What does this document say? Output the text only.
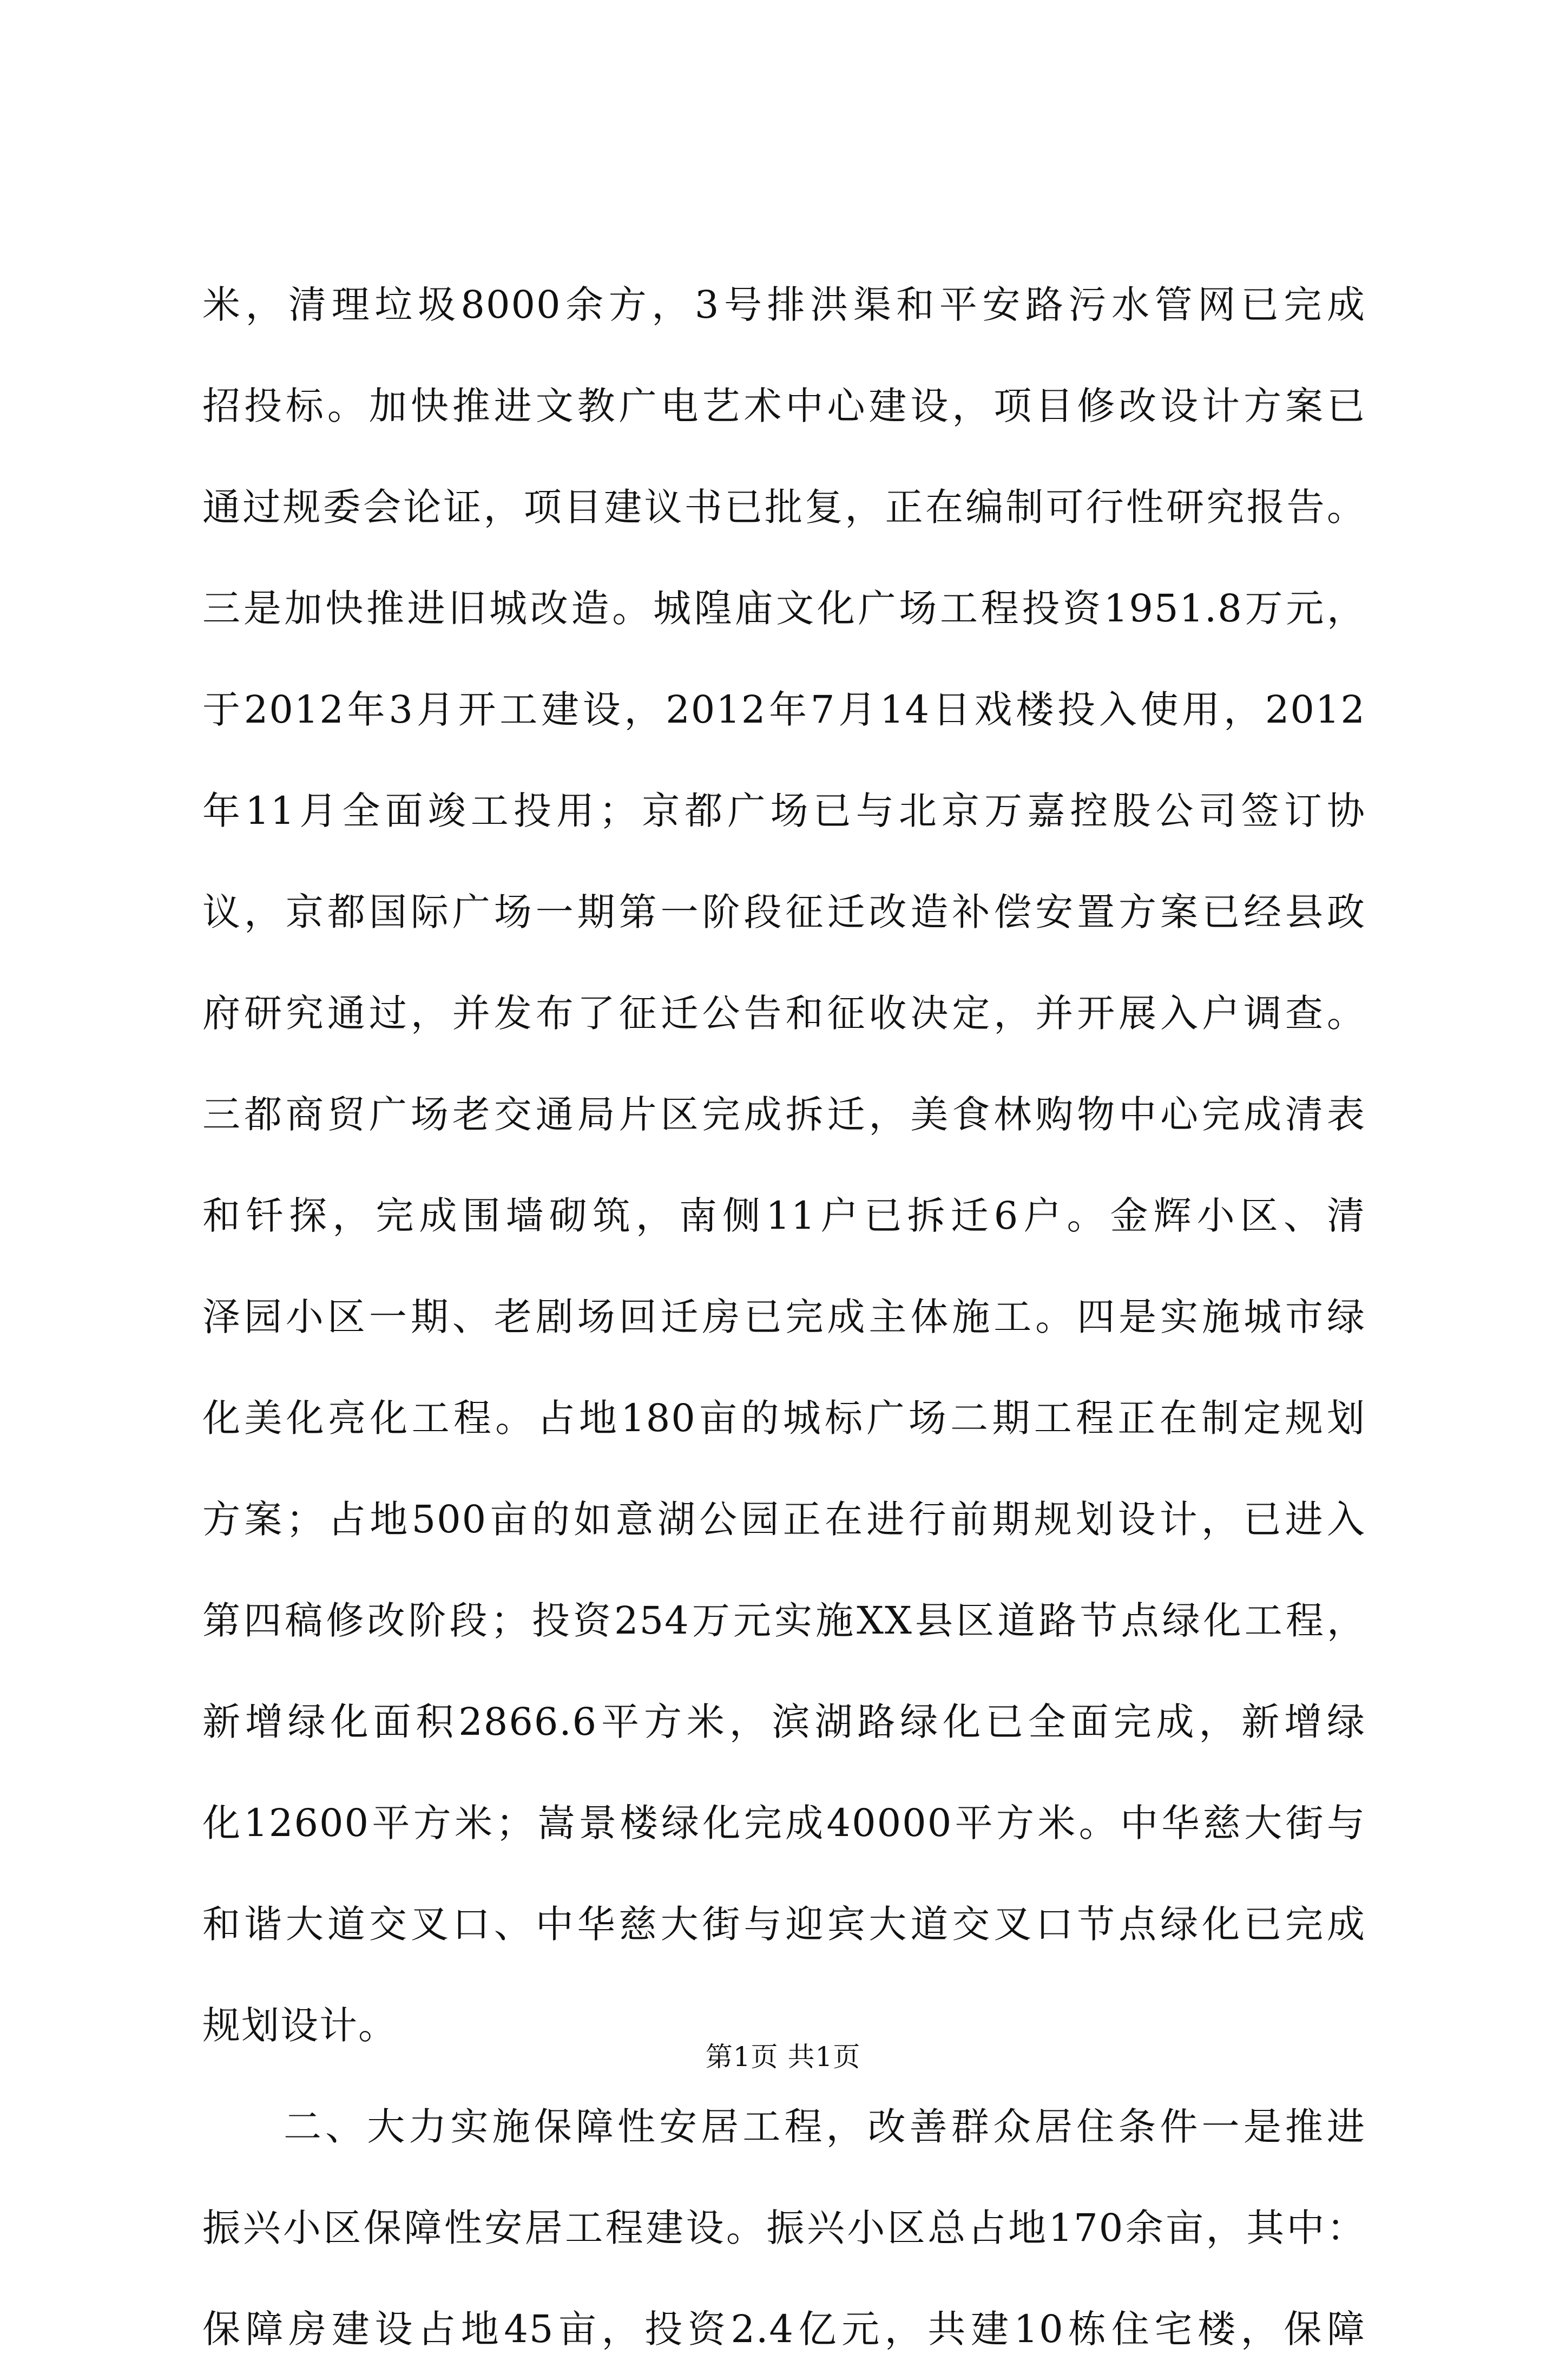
米，清理垃圾8000余方，3号排洪渠和平安路污水管网已完成
招投标。加快推进文教广电艺术中心建设，项目修改设计方案已
通过规委会论证，项目建议书已批复，正在编制可行性研究报告。
三是加快推进旧城改造。城隍庙文化广场工程投资1951.8万元，
于2012年3月开工建设，2012年7月14日戏楼投入使用，2012
年11月全面竣工投用；京都广场已与北京万嘉控股公司签订协
议，京都国际广场一期第一阶段征迁改造补偿安置方案已经县政
府研究通过，并发布了征迁公告和征收决定，并开展入户调查。
三都商贸广场老交通局片区完成拆迁，美食林购物中心完成清表
和钎探，完成围墙砌筑，南侧11户已拆迁6户。金辉小区、清
泽园小区一期、老剧场回迁房已完成主体施工。四是实施城市绿
化美化亮化工程。占地180亩的城标广场二期工程正在制定规划
方案；占地500亩的如意湖公园正在进行前期规划设计，已进入
第四稿修改阶段；投资254万元实施XX县区道路节点绿化工程，
新增绿化面积2866.6平方米，滨湖路绿化已全面完成，新增绿
化12600平方米；嵩景楼绿化完成40000平方米。中华慈大街与
和谐大道交叉口、中华慈大街与迎宾大道交叉口节点绿化已完成
规划设计。
二、大力实施保障性安居工程，改善群众居住条件一是推进
振兴小区保障性安居工程建设。振兴小区总占地170余亩，其中：
保障房建设占地45亩，投资2.4亿元，共建10栋住宅楼，保障
第1页 共1页
